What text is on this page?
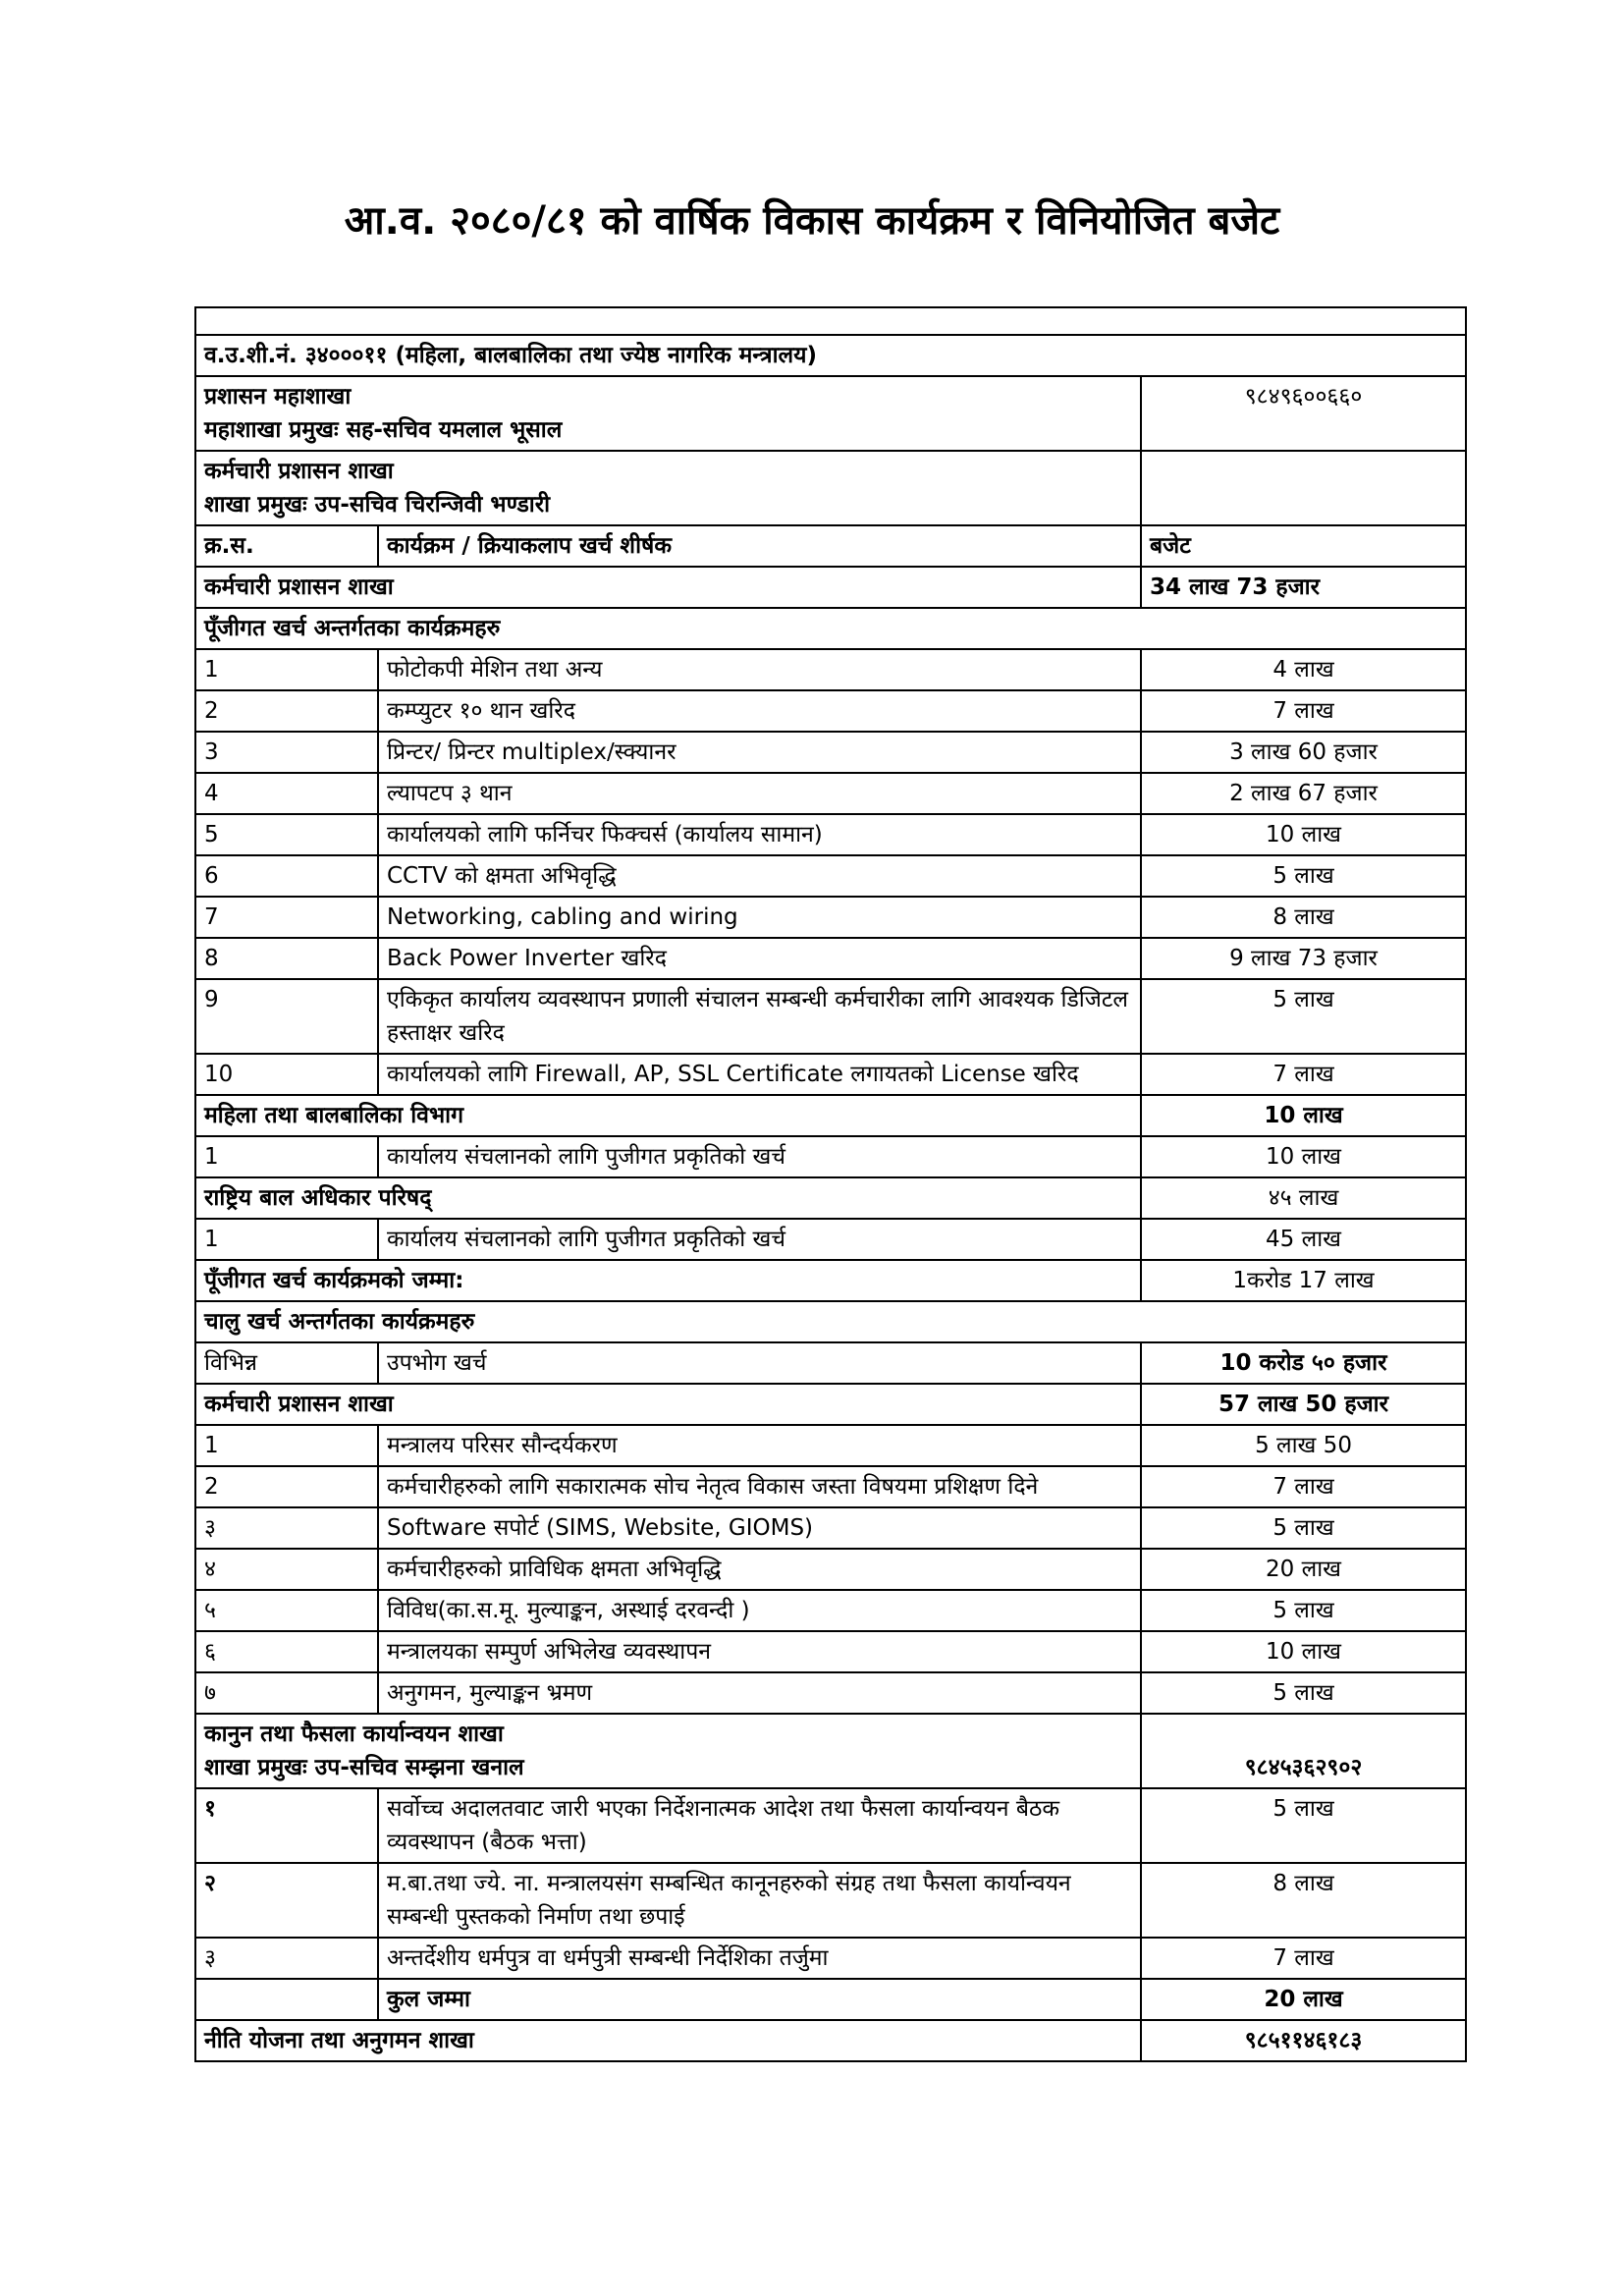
आ.व. २०८०/८१ को वार्षिक विकास कार्यक्रम र विनियोजित बजेट

व.उ.शी.नं. ३४०००११ (महिला, बालबालिका तथा ज्येष्ठ नागरिक मन्त्रालय)		

प्रशासन महाशाखा
महाशाखा प्रमुखः सह-सचिव यमलाल भूसाल		९८४९६००६६०

कर्मचारी प्रशासन शाखा
शाखा प्रमुखः उप-सचिव चिरन्जिवी भण्डारी		

क्र.स.	कार्यक्रम / क्रियाकलाप खर्च शीर्षक	बजेट
कर्मचारी प्रशासन शाखा		34 लाख 73 हजार
पूँजीगत खर्च अन्तर्गतका कार्यक्रमहरु		
1	फोटोकपी मेशिन तथा अन्य	4 लाख
2	कम्प्युटर १० थान खरिद	7 लाख
3	प्रिन्टर/ प्रिन्टर multiplex/स्क्यानर	3 लाख 60 हजार
4	ल्यापटप ३ थान	2 लाख 67 हजार
5	कार्यालयको लागि फर्निचर फिक्चर्स (कार्यालय सामान)	10 लाख
6	CCTV को क्षमता अभिवृद्धि	5 लाख
7	Networking, cabling and wiring	8 लाख
8	Back Power Inverter खरिद	9 लाख 73 हजार
9	एकिकृत कार्यालय व्यवस्थापन प्रणाली संचालन सम्बन्धी कर्मचारीका लागि आवश्यक डिजिटल हस्ताक्षर खरिद	5 लाख
10	कार्यालयको लागि Firewall, AP, SSL Certificate लगायतको License खरिद	7 लाख
महिला तथा बालबालिका विभाग		10 लाख
1	कार्यालय संचलानको लागि पुजीगत प्रकृतिको खर्च	10 लाख
राष्ट्रिय बाल अधिकार परिषद्		४५ लाख
1	कार्यालय संचलानको लागि पुजीगत प्रकृतिको खर्च	45 लाख
पूँजीगत खर्च कार्यक्रमको जम्मा:		1करोड 17 लाख
चालु खर्च अन्तर्गतका कार्यक्रमहरु		
विभिन्न	उपभोग खर्च	10 करोड ५० हजार
कर्मचारी प्रशासन शाखा		57 लाख 50 हजार
1	मन्त्रालय परिसर सौन्दर्यकरण	5 लाख 50
2	कर्मचारीहरुको लागि सकारात्मक सोच नेतृत्व विकास जस्ता विषयमा प्रशिक्षण दिने	7 लाख
३	Software सपोर्ट (SIMS, Website, GIOMS)	5 लाख
४	कर्मचारीहरुको प्राविधिक क्षमता अभिवृद्धि	20 लाख
५	विविध(का.स.मू. मुल्याङ्कन, अस्थाई दरवन्दी )	5 लाख
६	मन्त्रालयका सम्पुर्ण अभिलेख व्यवस्थापन	10 लाख
७	अनुगमन, मुल्याङ्कन भ्रमण	5 लाख

कानुन तथा फैसला कार्यान्वयन शाखा
शाखा प्रमुखः उप-सचिव सम्झना खनाल		९८४५३६२९०२
१	सर्वोच्च अदालतवाट जारी भएका निर्देशनात्मक आदेश तथा फैसला कार्यान्वयन बैठक व्यवस्थापन (बैठक भत्ता)	5 लाख
२	म.बा.तथा ज्ये. ना. मन्त्रालयसंग सम्बन्धित कानूनहरुको संग्रह तथा फैसला कार्यान्वयन सम्बन्धी पुस्तकको निर्माण तथा छपाई	8 लाख
३	अन्तर्देशीय धर्मपुत्र वा धर्मपुत्री सम्बन्धी निर्देशिका तर्जुमा	7 लाख
	कुल जम्मा	20 लाख
नीति योजना तथा अनुगमन शाखा		९८५११४६१८३
